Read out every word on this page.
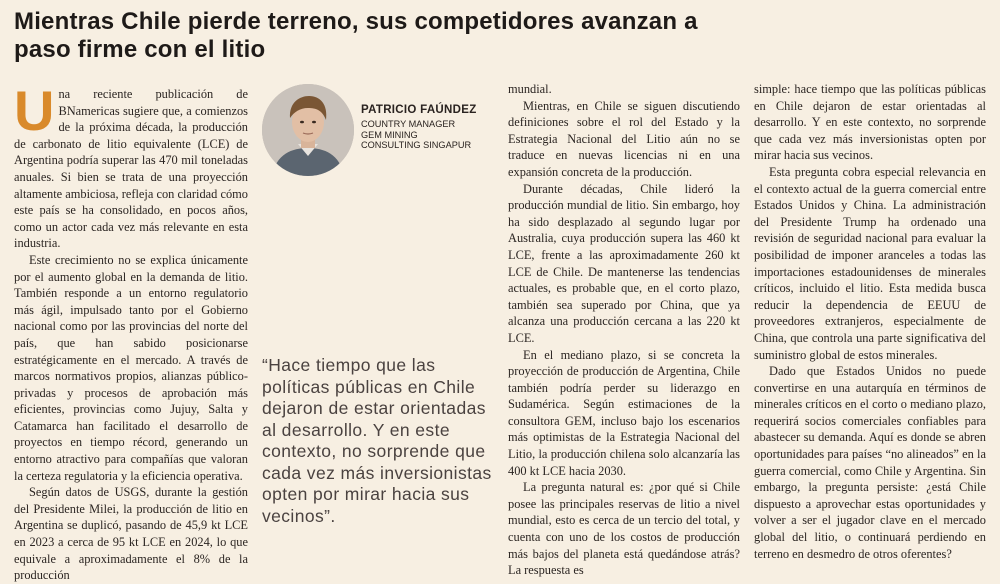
Mientras Chile pierde terreno, sus competidores avanzan a paso firme con el litio

Una reciente publicación de BNamericas sugiere que, a comienzos de la próxima década, la producción de carbonato de litio equivalente (LCE) de Argentina podría superar las 470 mil toneladas anuales. Si bien se trata de una proyección altamente ambiciosa, refleja con claridad cómo este país se ha consolidado, en pocos años, como un actor cada vez más relevante en esta industria.

Este crecimiento no se explica únicamente por el aumento global en la demanda de litio. También responde a un entorno regulatorio más ágil, impulsado tanto por el Gobierno nacional como por las provincias del norte del país, que han sabido posicionarse estratégicamente en el mercado. A través de marcos normativos propios, alianzas público-privadas y procesos de aprobación más eficientes, provincias como Jujuy, Salta y Catamarca han facilitado el desarrollo de proyectos en tiempo récord, generando un entorno atractivo para compañías que valoran la certeza regulatoria y la eficiencia operativa.

Según datos de USGS, durante la gestión del Presidente Milei, la producción de litio en Argentina se duplicó, pasando de 45,9 kt LCE en 2023 a cerca de 95 kt LCE en 2024, lo que equivale a aproximadamente el 8% de la producción

PATRICIO FAÚNDEZ
COUNTRY MANAGER
GEM MINING
CONSULTING SINGAPUR
“Hace tiempo que las políticas públicas en Chile dejaron de estar orientadas al desarrollo. Y en este contexto, no sorprende que cada vez más inversionistas opten por mirar hacia sus vecinos”.

mundial.

Mientras, en Chile se siguen discutiendo definiciones sobre el rol del Estado y la Estrategia Nacional del Litio aún no se traduce en nuevas licencias ni en una expansión concreta de la producción.

Durante décadas, Chile lideró la producción mundial de litio. Sin embargo, hoy ha sido desplazado al segundo lugar por Australia, cuya producción supera las 460 kt LCE, frente a las aproximadamente 260 kt LCE de Chile. De mantenerse las tendencias actuales, es probable que, en el corto plazo, también sea superado por China, que ya alcanza una producción cercana a las 220 kt LCE.

En el mediano plazo, si se concreta la proyección de producción de Argentina, Chile también podría perder su liderazgo en Sudamérica. Según estimaciones de la consultora GEM, incluso bajo los escenarios más optimistas de la Estrategia Nacional del Litio, la producción chilena solo alcanzaría las 400 kt LCE hacia 2030.

La pregunta natural es: ¿por qué si Chile posee las principales reservas de litio a nivel mundial, esto es cerca de un tercio del total, y cuenta con uno de los costos de producción más bajos del planeta está quedándose atrás? La respuesta es

simple: hace tiempo que las políticas públicas en Chile dejaron de estar orientadas al desarrollo. Y en este contexto, no sorprende que cada vez más inversionistas opten por mirar hacia sus vecinos.

Esta pregunta cobra especial relevancia en el contexto actual de la guerra comercial entre Estados Unidos y China. La administración del Presidente Trump ha ordenado una revisión de seguridad nacional para evaluar la posibilidad de imponer aranceles a todas las importaciones estadounidenses de minerales críticos, incluido el litio. Esta medida busca reducir la dependencia de EEUU de proveedores extranjeros, especialmente de China, que controla una parte significativa del suministro global de estos minerales.

Dado que Estados Unidos no puede convertirse en una autarquía en términos de minerales críticos en el corto o mediano plazo, requerirá socios comerciales confiables para abastecer su demanda. Aquí es donde se abren oportunidades para países “no alineados” en la guerra comercial, como Chile y Argentina. Sin embargo, la pregunta persiste: ¿está Chile dispuesto a aprovechar estas oportunidades y volver a ser el jugador clave en el mercado global del litio, o continuará perdiendo en terreno en desmedro de otros oferentes?
